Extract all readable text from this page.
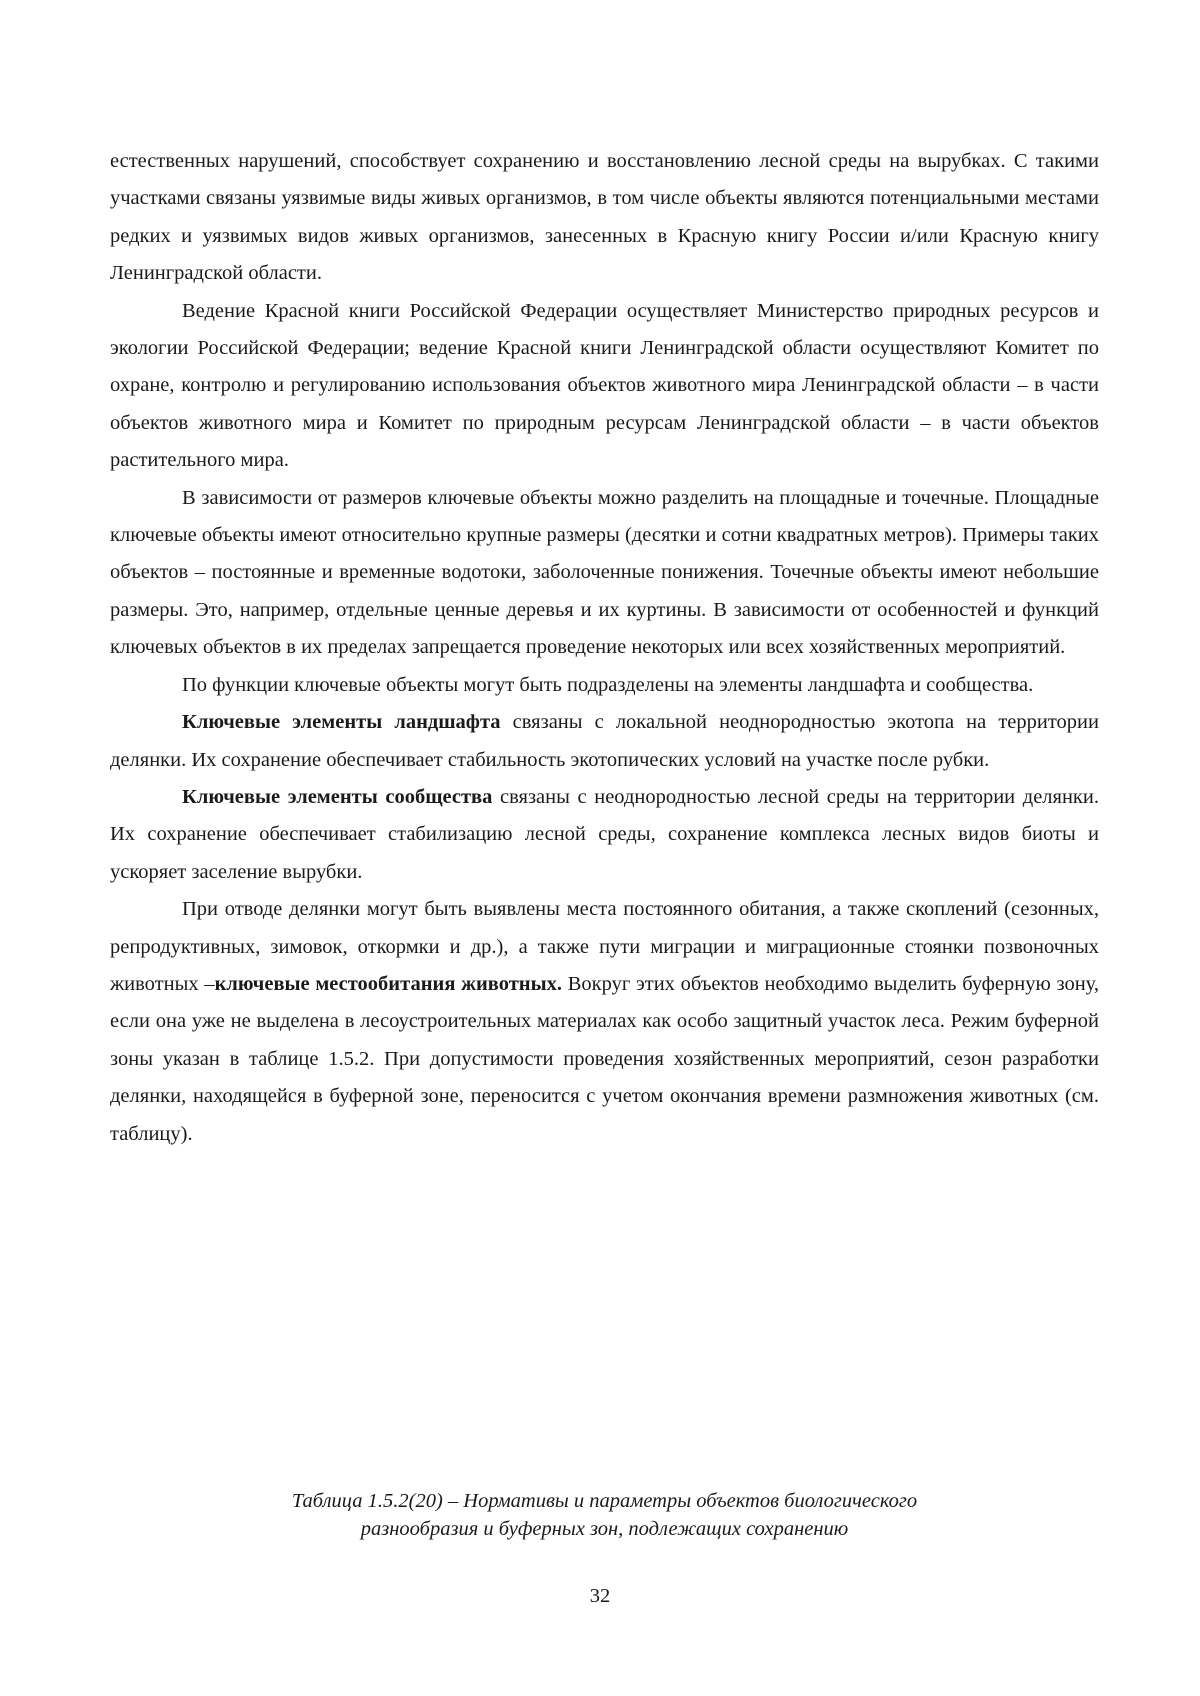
естественных нарушений, способствует сохранению и восстановлению лесной среды на вырубках. С такими участками связаны уязвимые виды живых организмов, в том числе объекты являются потенциальными местами редких и уязвимых видов живых организмов, занесенных в Красную книгу России и/или Красную книгу Ленинградской области.

Ведение Красной книги Российской Федерации осуществляет Министерство природных ресурсов и экологии Российской Федерации; ведение Красной книги Ленинградской области осуществляют Комитет по охране, контролю и регулированию использования объектов животного мира Ленинградской области – в части объектов животного мира и Комитет по природным ресурсам Ленинградской области – в части объектов растительного мира.

В зависимости от размеров ключевые объекты можно разделить на площадные и точечные. Площадные ключевые объекты имеют относительно крупные размеры (десятки и сотни квадратных метров). Примеры таких объектов – постоянные и временные водотоки, заболоченные понижения. Точечные объекты имеют небольшие размеры. Это, например, отдельные ценные деревья и их куртины. В зависимости от особенностей и функций ключевых объектов в их пределах запрещается проведение некоторых или всех хозяйственных мероприятий.

По функции ключевые объекты могут быть подразделены на элементы ландшафта и сообщества.

Ключевые элементы ландшафта связаны с локальной неоднородностью экотопа на территории делянки. Их сохранение обеспечивает стабильность экотопических условий на участке после рубки.

Ключевые элементы сообщества связаны с неоднородностью лесной среды на территории делянки. Их сохранение обеспечивает стабилизацию лесной среды, сохранение комплекса лесных видов биоты и ускоряет заселение вырубки.

При отводе делянки могут быть выявлены места постоянного обитания, а также скоплений (сезонных, репродуктивных, зимовок, откормки и др.), а также пути миграции и миграционные стоянки позвоночных животных –ключевые местообитания животных. Вокруг этих объектов необходимо выделить буферную зону, если она уже не выделена в лесоустроительных материалах как особо защитный участок леса. Режим буферной зоны указан в таблице 1.5.2. При допустимости проведения хозяйственных мероприятий, сезон разработки делянки, находящейся в буферной зоне, переносится с учетом окончания времени размножения животных (см. таблицу).

Таблица 1.5.2(20) – Нормативы и параметры объектов биологического
разнообразия и буферных зон, подлежащих сохранению

32
